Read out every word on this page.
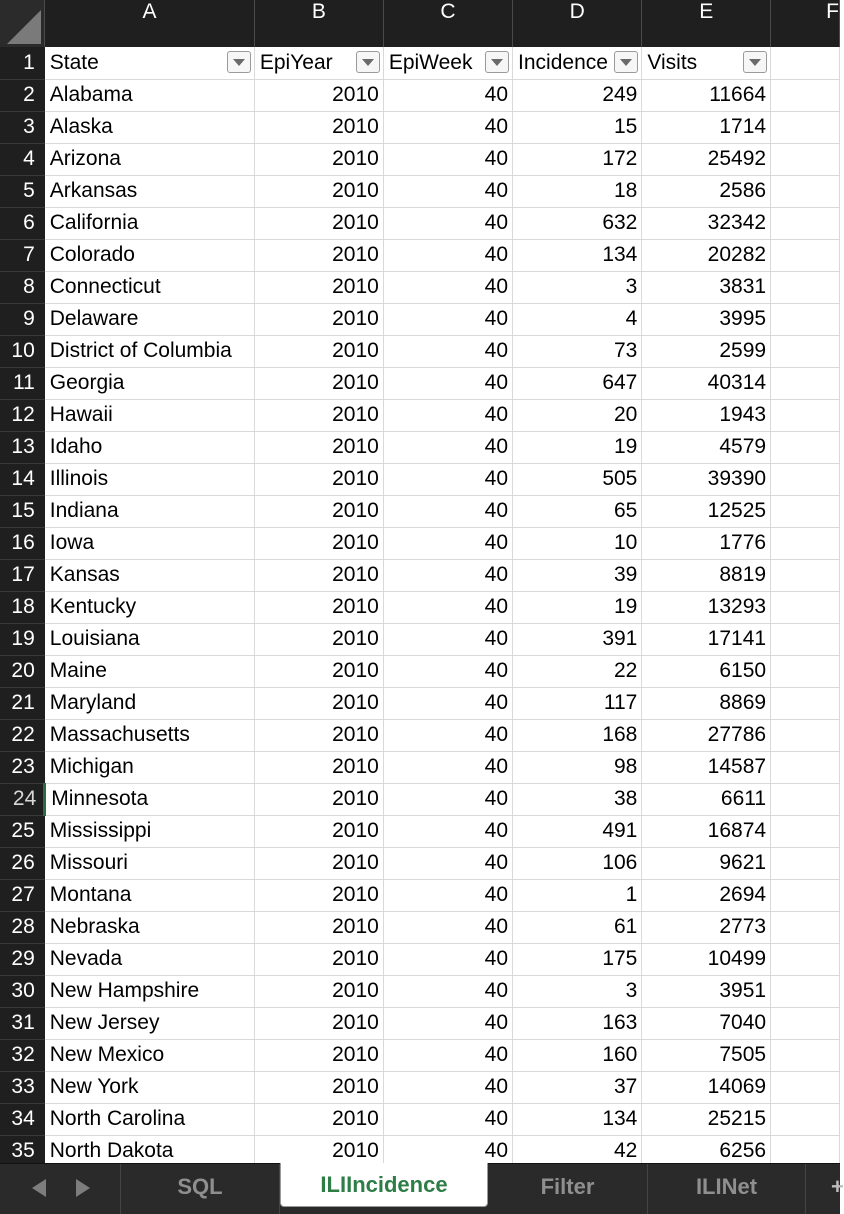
	A	B	C	D	E	F
1	State	EpiYear	EpiWeek	Incidence	Visits

2	Alabama	2010	40	249	11664	
3	Alaska	2010	40	15	1714	
4	Arizona	2010	40	172	25492	
5	Arkansas	2010	40	18	2586	
6	California	2010	40	632	32342	
7	Colorado	2010	40	134	20282	
8	Connecticut	2010	40	3	3831	
9	Delaware	2010	40	4	3995	
10	District of Columbia	2010	40	73	2599	
11	Georgia	2010	40	647	40314	
12	Hawaii	2010	40	20	1943	
13	Idaho	2010	40	19	4579	
14	Illinois	2010	40	505	39390	
15	Indiana	2010	40	65	12525	
16	Iowa	2010	40	10	1776	
17	Kansas	2010	40	39	8819	
18	Kentucky	2010	40	19	13293	
19	Louisiana	2010	40	391	17141	
20	Maine	2010	40	22	6150	
21	Maryland	2010	40	117	8869	
22	Massachusetts	2010	40	168	27786	
23	Michigan	2010	40	98	14587	
24	Minnesota	2010	40	38	6611	
25	Mississippi	2010	40	491	16874	
26	Missouri	2010	40	106	9621	
27	Montana	2010	40	1	2694	
28	Nebraska	2010	40	61	2773	
29	Nevada	2010	40	175	10499	
30	New Hampshire	2010	40	3	3951	
31	New Jersey	2010	40	163	7040	
32	New Mexico	2010	40	160	7505	
33	New York	2010	40	37	14069	
34	North Carolina	2010	40	134	25215	
35	North Dakota	2010	40	42	6256	
SQL	ILIIncidence	Filter	ILINet	+
